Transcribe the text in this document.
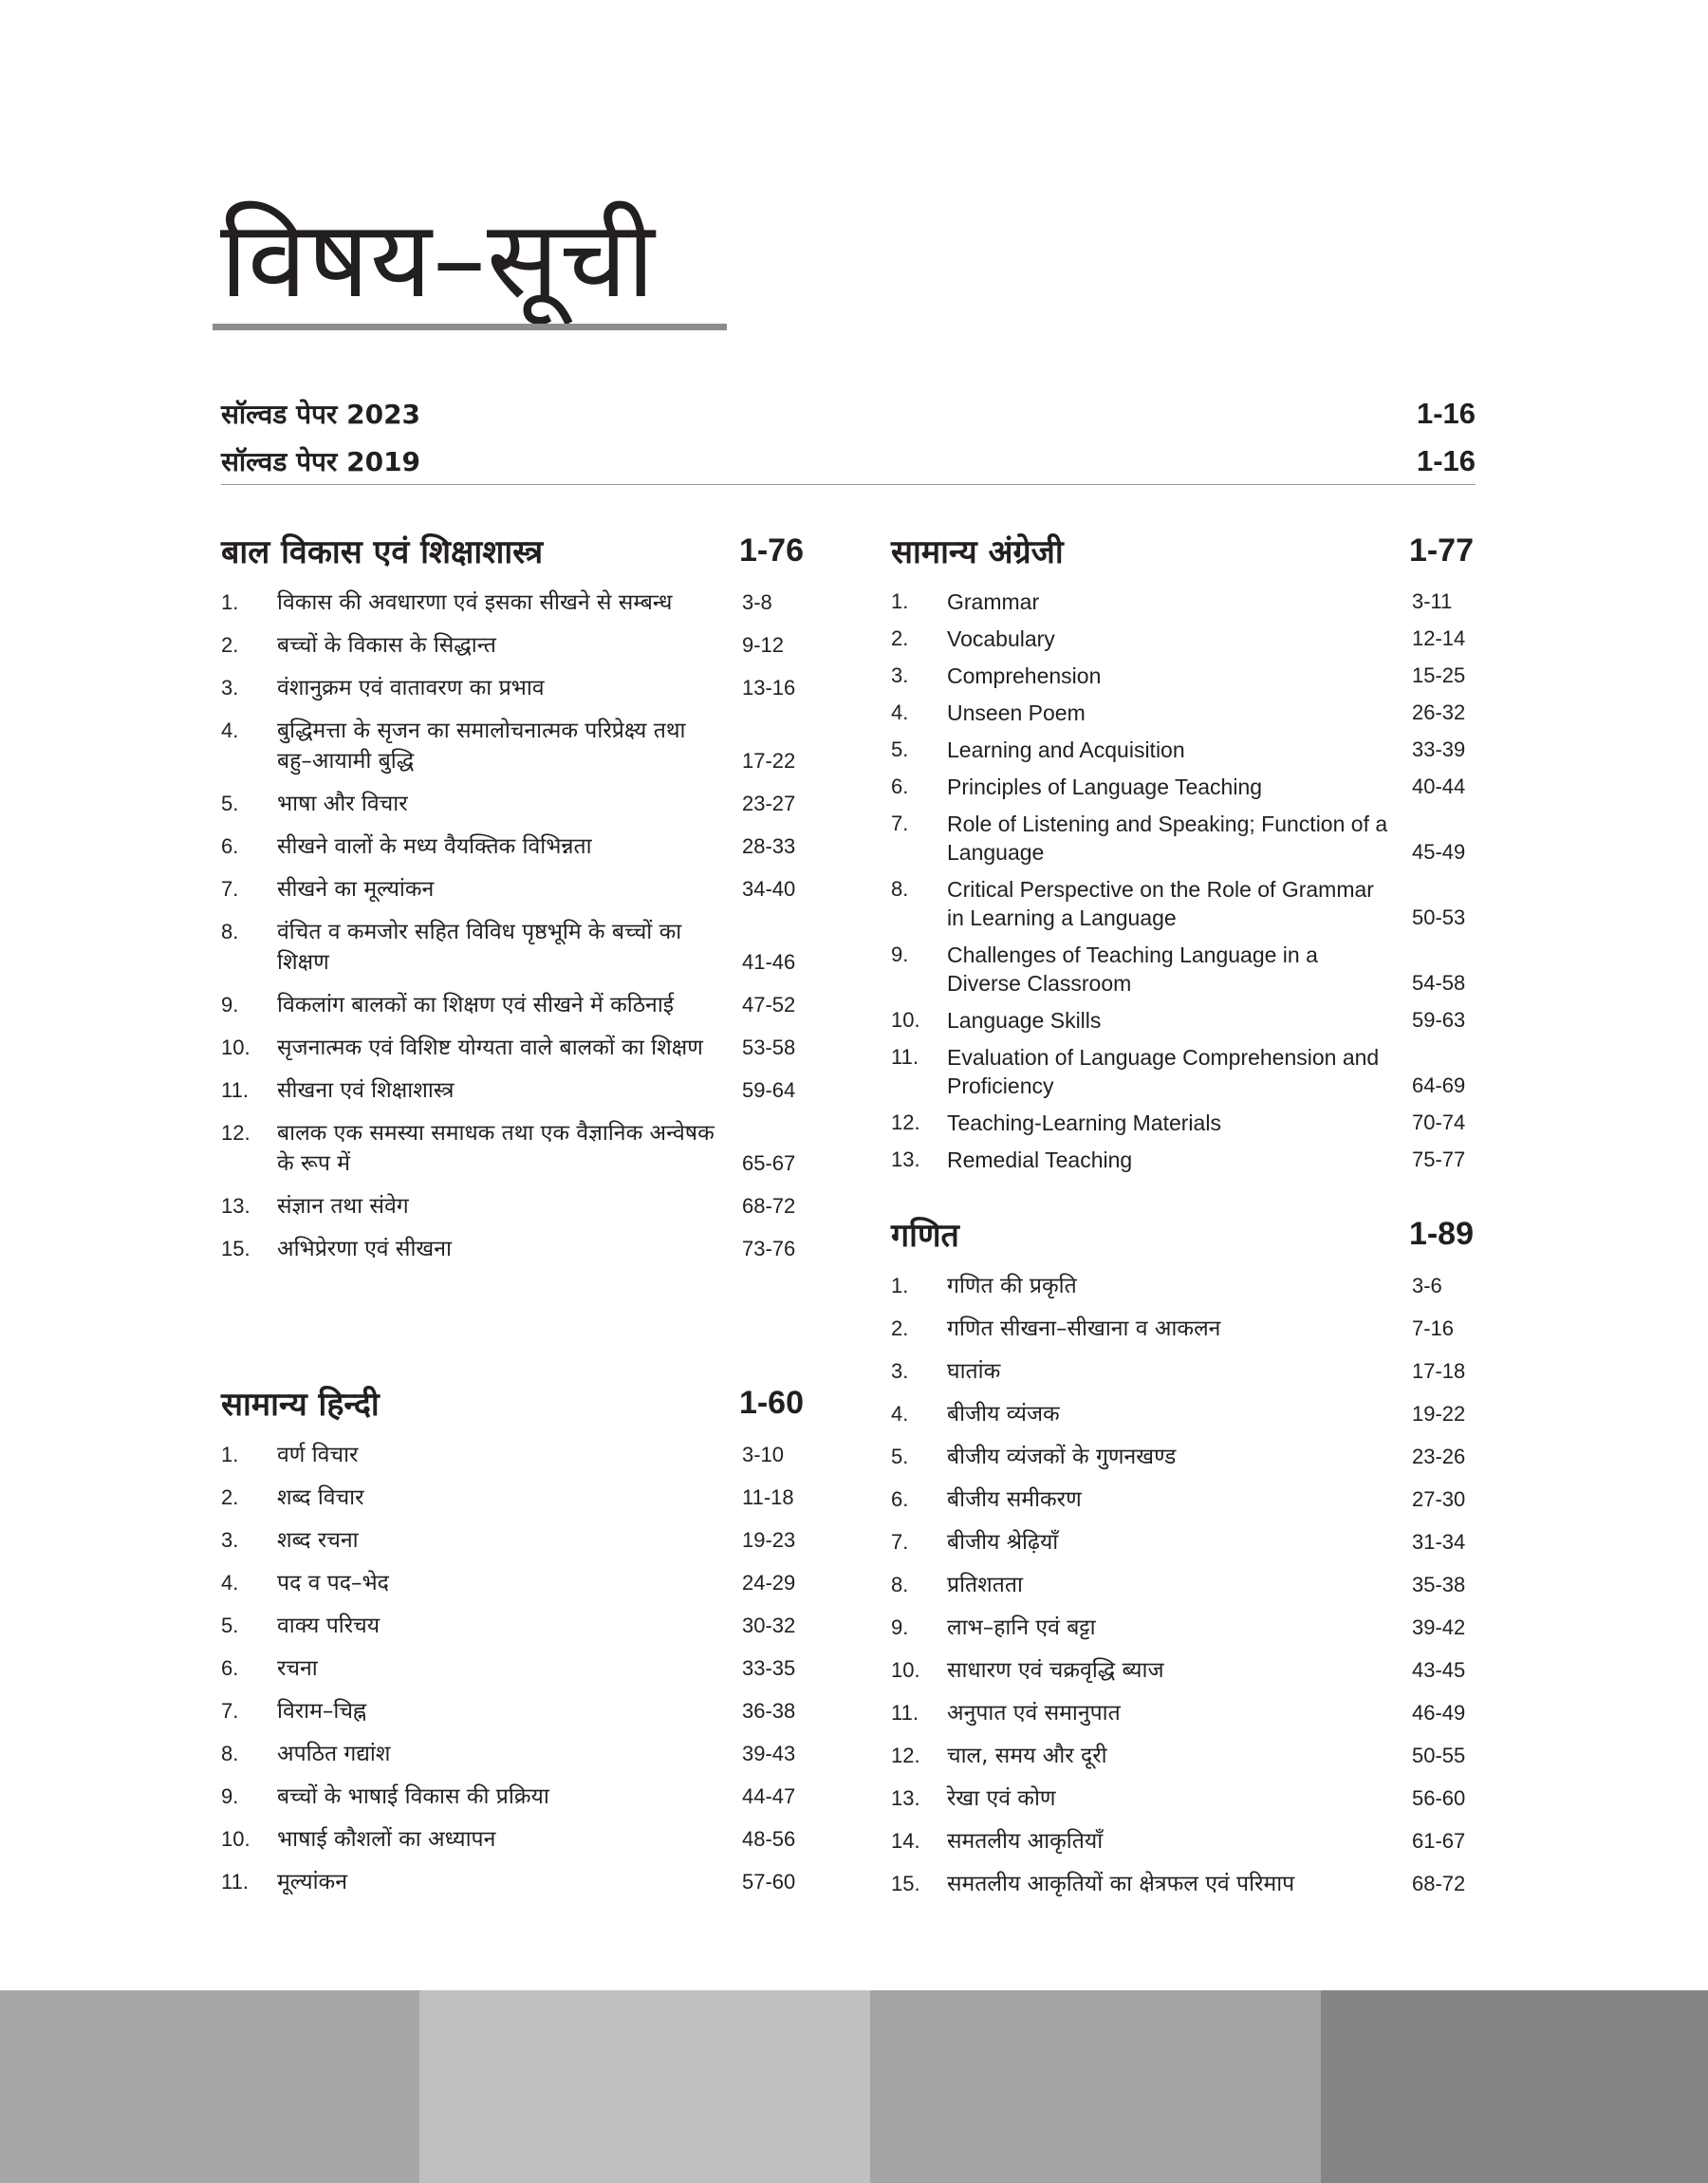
विषय–सूची
सॉल्वड पेपर 2023	1-16
सॉल्वड पेपर 2019	1-16
बाल विकास एवं शिक्षाशास्त्र	1-76
1.	विकास की अवधारणा एवं इसका सीखने से सम्बन्ध	3-8
2.	बच्चों के विकास के सिद्धान्त	9-12
3.	वंशानुक्रम एवं वातावरण का प्रभाव	13-16
4.	बुद्धिमत्ता के सृजन का समालोचनात्मक परिप्रेक्ष्य तथा बहु–आयामी बुद्धि	17-22
5.	भाषा और विचार	23-27
6.	सीखने वालों के मध्य वैयक्तिक विभिन्नता	28-33
7.	सीखने का मूल्यांकन	34-40
8.	वंचित व कमजोर सहित विविध पृष्ठभूमि के बच्चों का शिक्षण	41-46
9.	विकलांग बालकों का शिक्षण एवं सीखने में कठिनाई	47-52
10.	सृजनात्मक एवं विशिष्ट योग्यता वाले बालकों का शिक्षण	53-58
11.	सीखना एवं शिक्षाशास्त्र	59-64
12.	बालक एक समस्या समाधक तथा एक वैज्ञानिक अन्वेषक के रूप में	65-67
13.	संज्ञान तथा संवेग	68-72
15.	अभिप्रेरणा एवं सीखना	73-76
सामान्य हिन्दी	1-60
1.	वर्ण विचार	3-10
2.	शब्द विचार	11-18
3.	शब्द रचना	19-23
4.	पद व पद–भेद	24-29
5.	वाक्य परिचय	30-32
6.	रचना	33-35
7.	विराम–चिह्न	36-38
8.	अपठित गद्यांश	39-43
9.	बच्चों के भाषाई विकास की प्रक्रिया	44-47
10.	भाषाई कौशलों का अध्यापन	48-56
11.	मूल्यांकन	57-60
सामान्य अंग्रेजी	1-77
1.	Grammar	3-11
2.	Vocabulary	12-14
3.	Comprehension	15-25
4.	Unseen Poem	26-32
5.	Learning and Acquisition	33-39
6.	Principles of Language Teaching	40-44
7.	Role of Listening and Speaking; Function of a Language	45-49
8.	Critical Perspective on the Role of Grammar in Learning a Language	50-53
9.	Challenges of Teaching Language in a Diverse Classroom	54-58
10.	Language Skills	59-63
11.	Evaluation of Language Comprehension and Proficiency	64-69
12.	Teaching-Learning Materials	70-74
13.	Remedial Teaching	75-77
गणित	1-89
1.	गणित की प्रकृति	3-6
2.	गणित सीखना–सीखाना व आकलन	7-16
3.	घातांक	17-18
4.	बीजीय व्यंजक	19-22
5.	बीजीय व्यंजकों के गुणनखण्ड	23-26
6.	बीजीय समीकरण	27-30
7.	बीजीय श्रेढ़ियाँ	31-34
8.	प्रतिशतता	35-38
9.	लाभ–हानि एवं बट्टा	39-42
10.	साधारण एवं चक्रवृद्धि ब्याज	43-45
11.	अनुपात एवं समानुपात	46-49
12.	चाल, समय और दूरी	50-55
13.	रेखा एवं कोण	56-60
14.	समतलीय आकृतियाँ	61-67
15.	समतलीय आकृतियों का क्षेत्रफल एवं परिमाप	68-72
